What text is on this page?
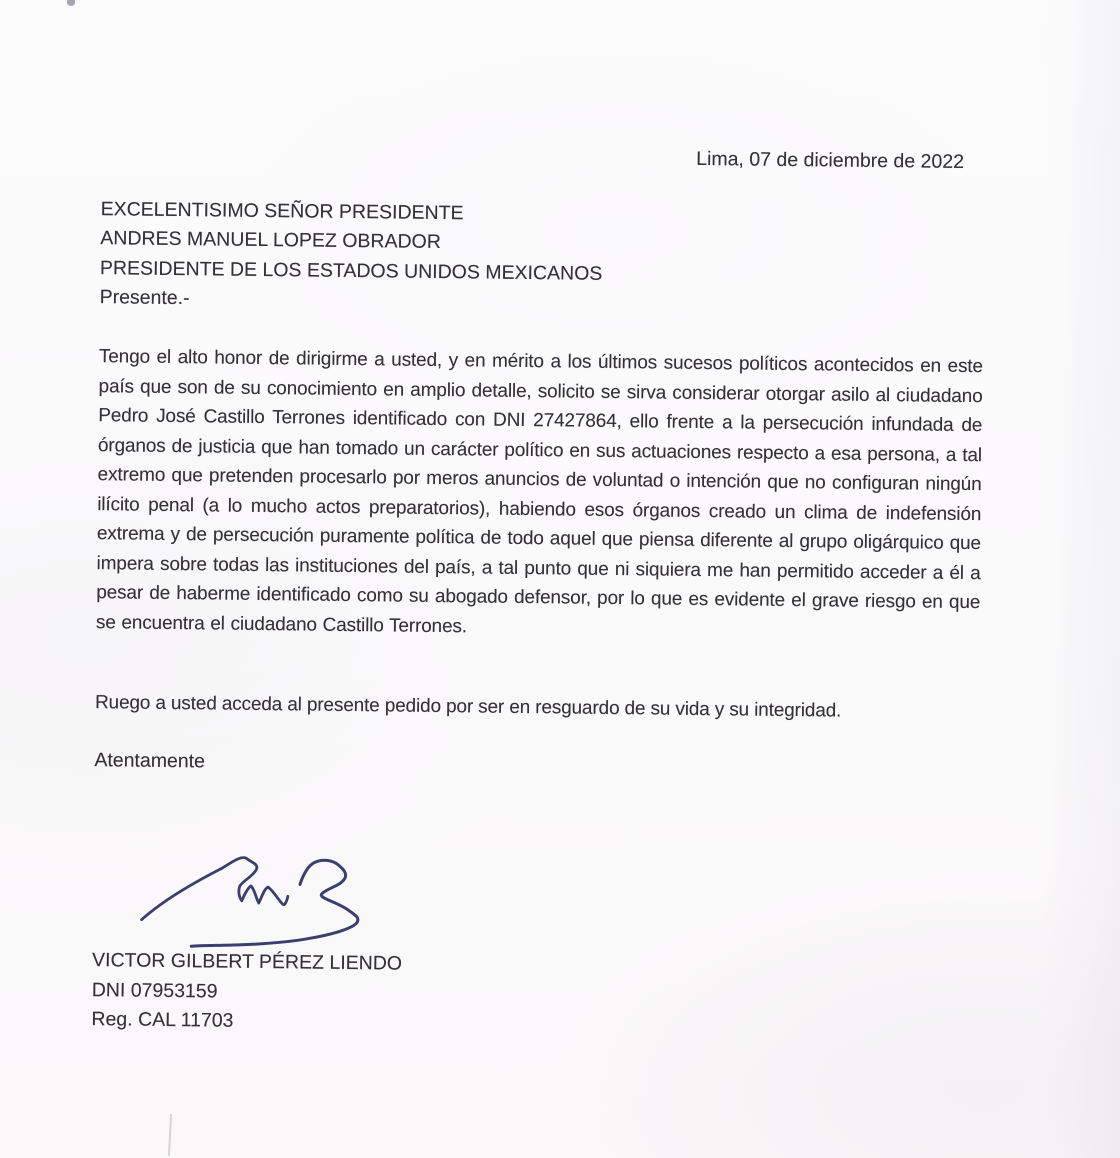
Lima, 07 de diciembre de 2022
EXCELENTISIMO SEÑOR PRESIDENTE
ANDRES MANUEL LOPEZ OBRADOR
PRESIDENTE DE LOS ESTADOS UNIDOS MEXICANOS
Presente.-
Tengo el alto honor de dirigirme a usted, y en mérito a los últimos sucesos políticos acontecidos en este país que son de su conocimiento en amplio detalle, solicito se sirva considerar otorgar asilo al ciudadano Pedro José Castillo Terrones identificado con DNI 27427864, ello frente a la persecución infundada de órganos de justicia que han tomado un carácter político en sus actuaciones respecto a esa persona, a tal extremo que pretenden procesarlo por meros anuncios de voluntad o intención que no configuran ningún ilícito penal (a lo mucho actos preparatorios), habiendo esos órganos creado un clima de indefensión extrema y de persecución puramente política de todo aquel que piensa diferente al grupo oligárquico que impera sobre todas las instituciones del país, a tal punto que ni siquiera me han permitido acceder a él a pesar de haberme identificado como su abogado defensor, por lo que es evidente el grave riesgo en que se encuentra el ciudadano Castillo Terrones.
Ruego a usted acceda al presente pedido por ser en resguardo de su vida y su integridad.
Atentamente
VICTOR GILBERT PÉREZ LIENDO
DNI 07953159
Reg. CAL 11703
